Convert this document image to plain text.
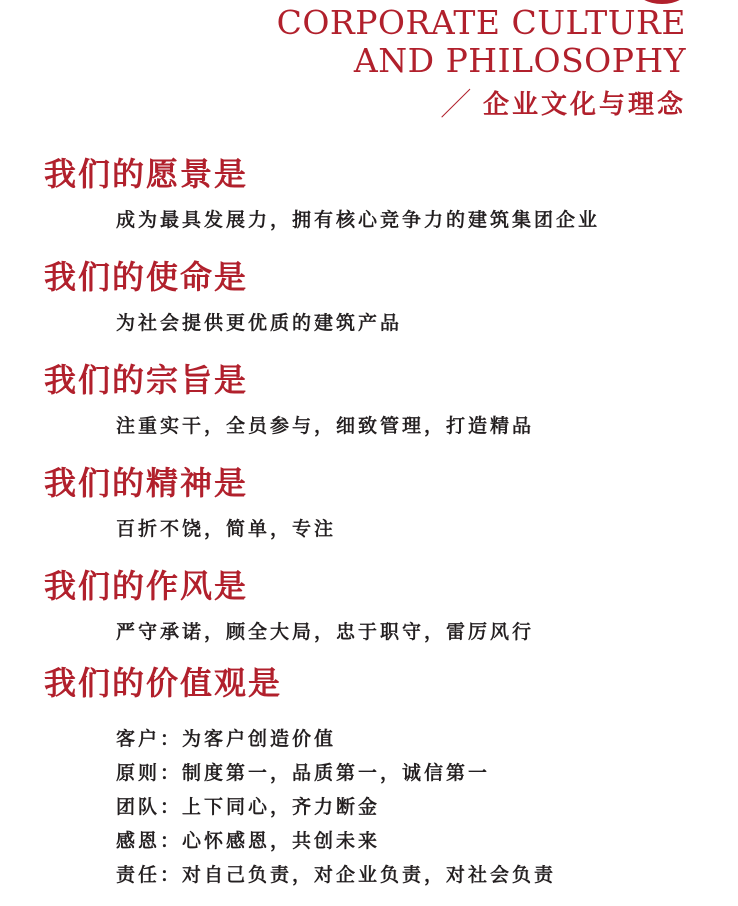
CORPORATE CULTURE
AND PHILOSOPHY
／ 企业文化与理念
我们的愿景是
成为最具发展力，拥有核心竞争力的建筑集团企业
我们的使命是
为社会提供更优质的建筑产品
我们的宗旨是
注重实干，全员参与，细致管理，打造精品
我们的精神是
百折不饶，简单，专注
我们的作风是
严守承诺，顾全大局，忠于职守，雷厉风行
我们的价值观是
客户：为客户创造价值
原则：制度第一，品质第一，诚信第一
团队：上下同心，齐力断金
感恩：心怀感恩，共创未来
责任：对自己负责，对企业负责，对社会负责
